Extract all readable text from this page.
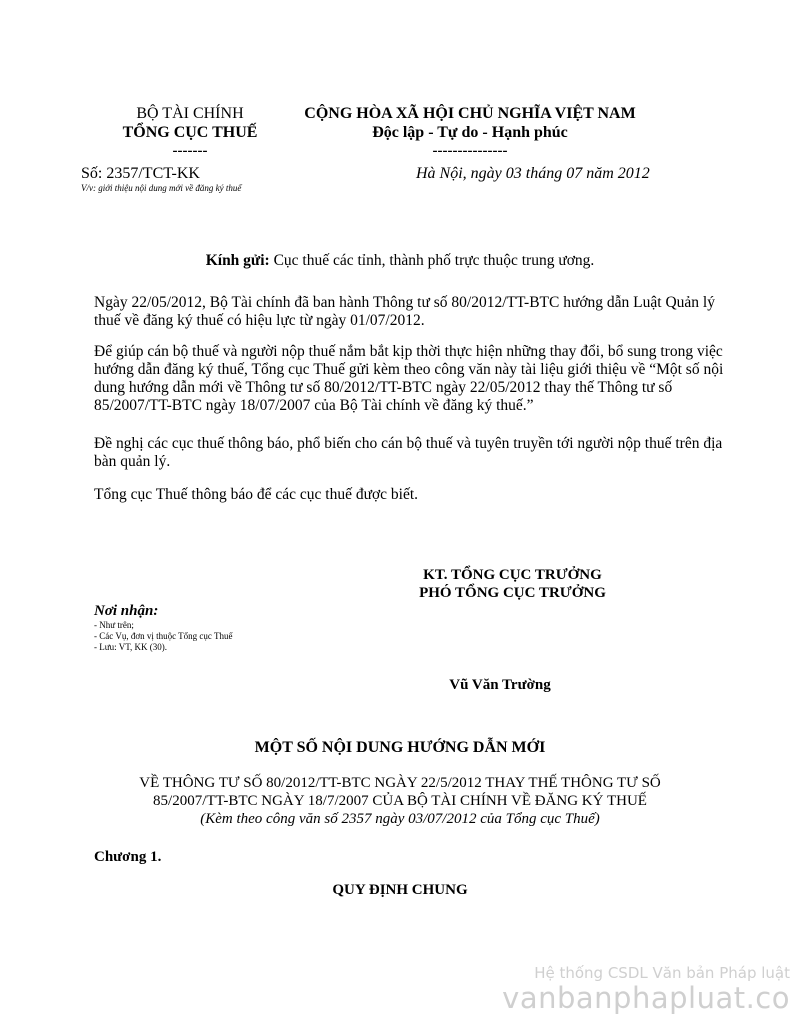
BỘ TÀI CHÍNH
TỔNG CỤC THUẾ
-------
CỘNG HÒA XÃ HỘI CHỦ NGHĨA VIỆT NAM
Độc lập - Tự do - Hạnh phúc
---------------
Số: 2357/TCT-KK
V/v: giới thiệu nội dung mới về đăng ký thuế
Hà Nội, ngày 03 tháng 07 năm 2012
Kính gửi: Cục thuế các tỉnh, thành phố trực thuộc trung ương.
Ngày 22/05/2012, Bộ Tài chính đã ban hành Thông tư số 80/2012/TT-BTC hướng dẫn Luật Quản lý thuế về đăng ký thuế có hiệu lực từ ngày 01/07/2012.
Để giúp cán bộ thuế và người nộp thuế nắm bắt kịp thời thực hiện những thay đổi, bổ sung trong việc hướng dẫn đăng ký thuế, Tổng cục Thuế gửi kèm theo công văn này tài liệu giới thiệu về “Một số nội dung hướng dẫn mới về Thông tư số 80/2012/TT-BTC ngày 22/05/2012 thay thế Thông tư số 85/2007/TT-BTC ngày 18/07/2007 của Bộ Tài chính về đăng ký thuế.”
Đề nghị các cục thuế thông báo, phổ biến cho cán bộ thuế và tuyên truyền tới người nộp thuế trên địa bàn quản lý.
Tổng cục Thuế thông báo để các cục thuế được biết.
KT. TỔNG CỤC TRƯỞNG
PHÓ TỔNG CỤC TRƯỞNG
Nơi nhận:
- Như trên;
- Các Vụ, đơn vị thuộc Tổng cục Thuế
- Lưu: VT, KK (30).
Vũ Văn Trường
MỘT SỐ NỘI DUNG HƯỚNG DẪN MỚI
VỀ THÔNG TƯ SỐ 80/2012/TT-BTC NGÀY 22/5/2012 THAY THẾ THÔNG TƯ SỐ
85/2007/TT-BTC NGÀY 18/7/2007 CỦA BỘ TÀI CHÍNH VỀ ĐĂNG KÝ THUẾ
(Kèm theo công văn số 2357 ngày 03/07/2012 của Tổng cục Thuế)
Chương 1.
QUY ĐỊNH CHUNG
Hệ thống CSDL Văn bản Pháp luật
vanbanphapluat.co
